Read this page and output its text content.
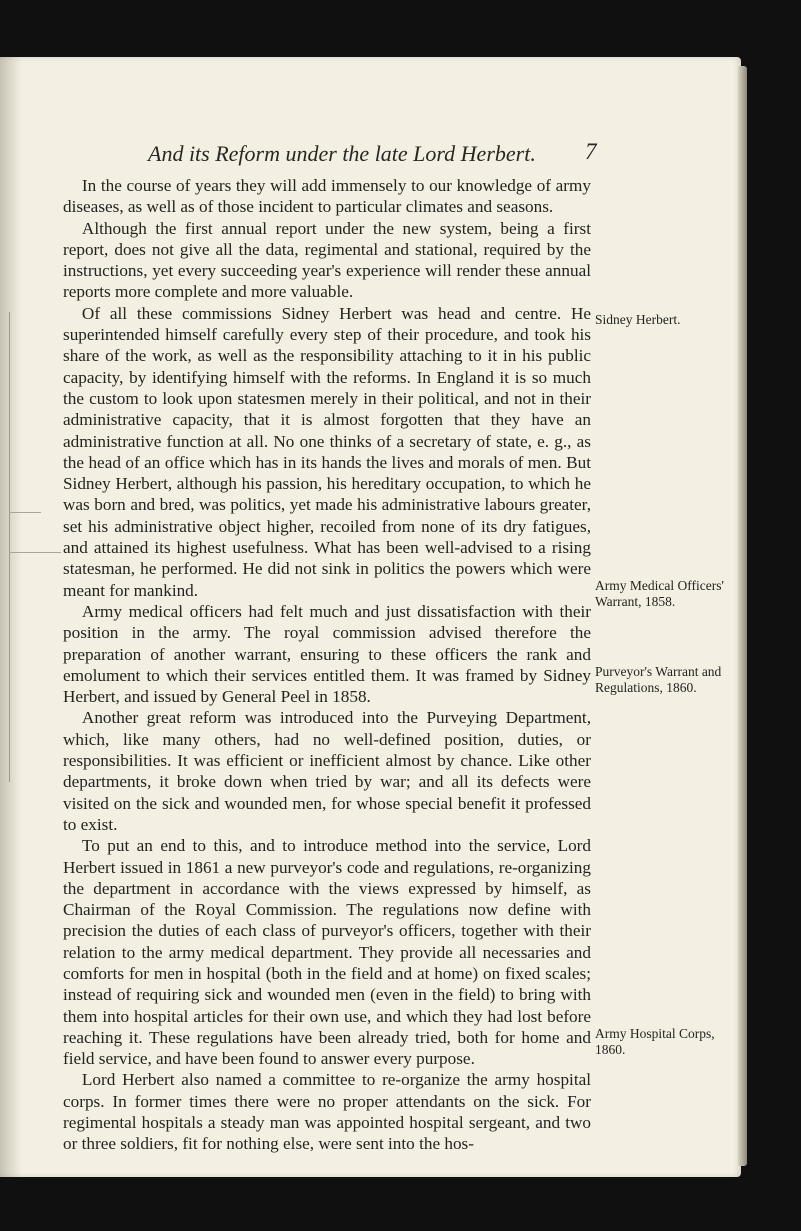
And its Reform under the late Lord Herbert.	7

In the course of years they will add immensely to our knowledge of army diseases, as well as of those incident to particular climates and seasons.

Although the first annual report under the new system, being a first report, does not give all the data, regimental and stational, required by the instructions, yet every succeeding year's experience will render these annual reports more complete and more valuable.

Of all these commissions Sidney Herbert was head and centre. He superintended himself carefully every step of their procedure, and took his share of the work, as well as the responsibility attaching to it in his public capacity, by identifying himself with the reforms. In England it is so much the custom to look upon statesmen merely in their political, and not in their administrative capacity, that it is almost forgotten that they have an administrative function at all. No one thinks of a secretary of state, e. g., as the head of an office which has in its hands the lives and morals of men. But Sidney Herbert, although his passion, his hereditary occupation, to which he was born and bred, was politics, yet made his administrative labours greater, set his administrative object higher, recoiled from none of its dry fatigues, and attained its highest usefulness. What has been well-advised to a rising statesman, he performed. He did not sink in politics the powers which were meant for mankind.

Army medical officers had felt much and just dissatisfaction with their position in the army. The royal commission advised therefore the preparation of another warrant, ensuring to these officers the rank and emolument to which their services entitled them. It was framed by Sidney Herbert, and issued by General Peel in 1858.

Another great reform was introduced into the Purveying Department, which, like many others, had no well-defined position, duties, or responsibilities. It was efficient or inefficient almost by chance. Like other departments, it broke down when tried by war; and all its defects were visited on the sick and wounded men, for whose special benefit it professed to exist.

To put an end to this, and to introduce method into the service, Lord Herbert issued in 1861 a new purveyor's code and regulations, re-organizing the department in accordance with the views expressed by himself, as Chairman of the Royal Commission. The regulations now define with precision the duties of each class of purveyor's officers, together with their relation to the army medical department. They provide all necessaries and comforts for men in hospital (both in the field and at home) on fixed scales; instead of requiring sick and wounded men (even in the field) to bring with them into hospital articles for their own use, and which they had lost before reaching it. These regulations have been already tried, both for home and field service, and have been found to answer every purpose.

Lord Herbert also named a committee to re-organize the army hospital corps. In former times there were no proper attendants on the sick. For regimental hospitals a steady man was appointed hospital sergeant, and two or three soldiers, fit for nothing else, were sent into the hos-

Sidney Herbert.
Army Medical Officers' Warrant, 1858.
Purveyor's Warrant and Regulations, 1860.
Army Hospital Corps, 1860.
